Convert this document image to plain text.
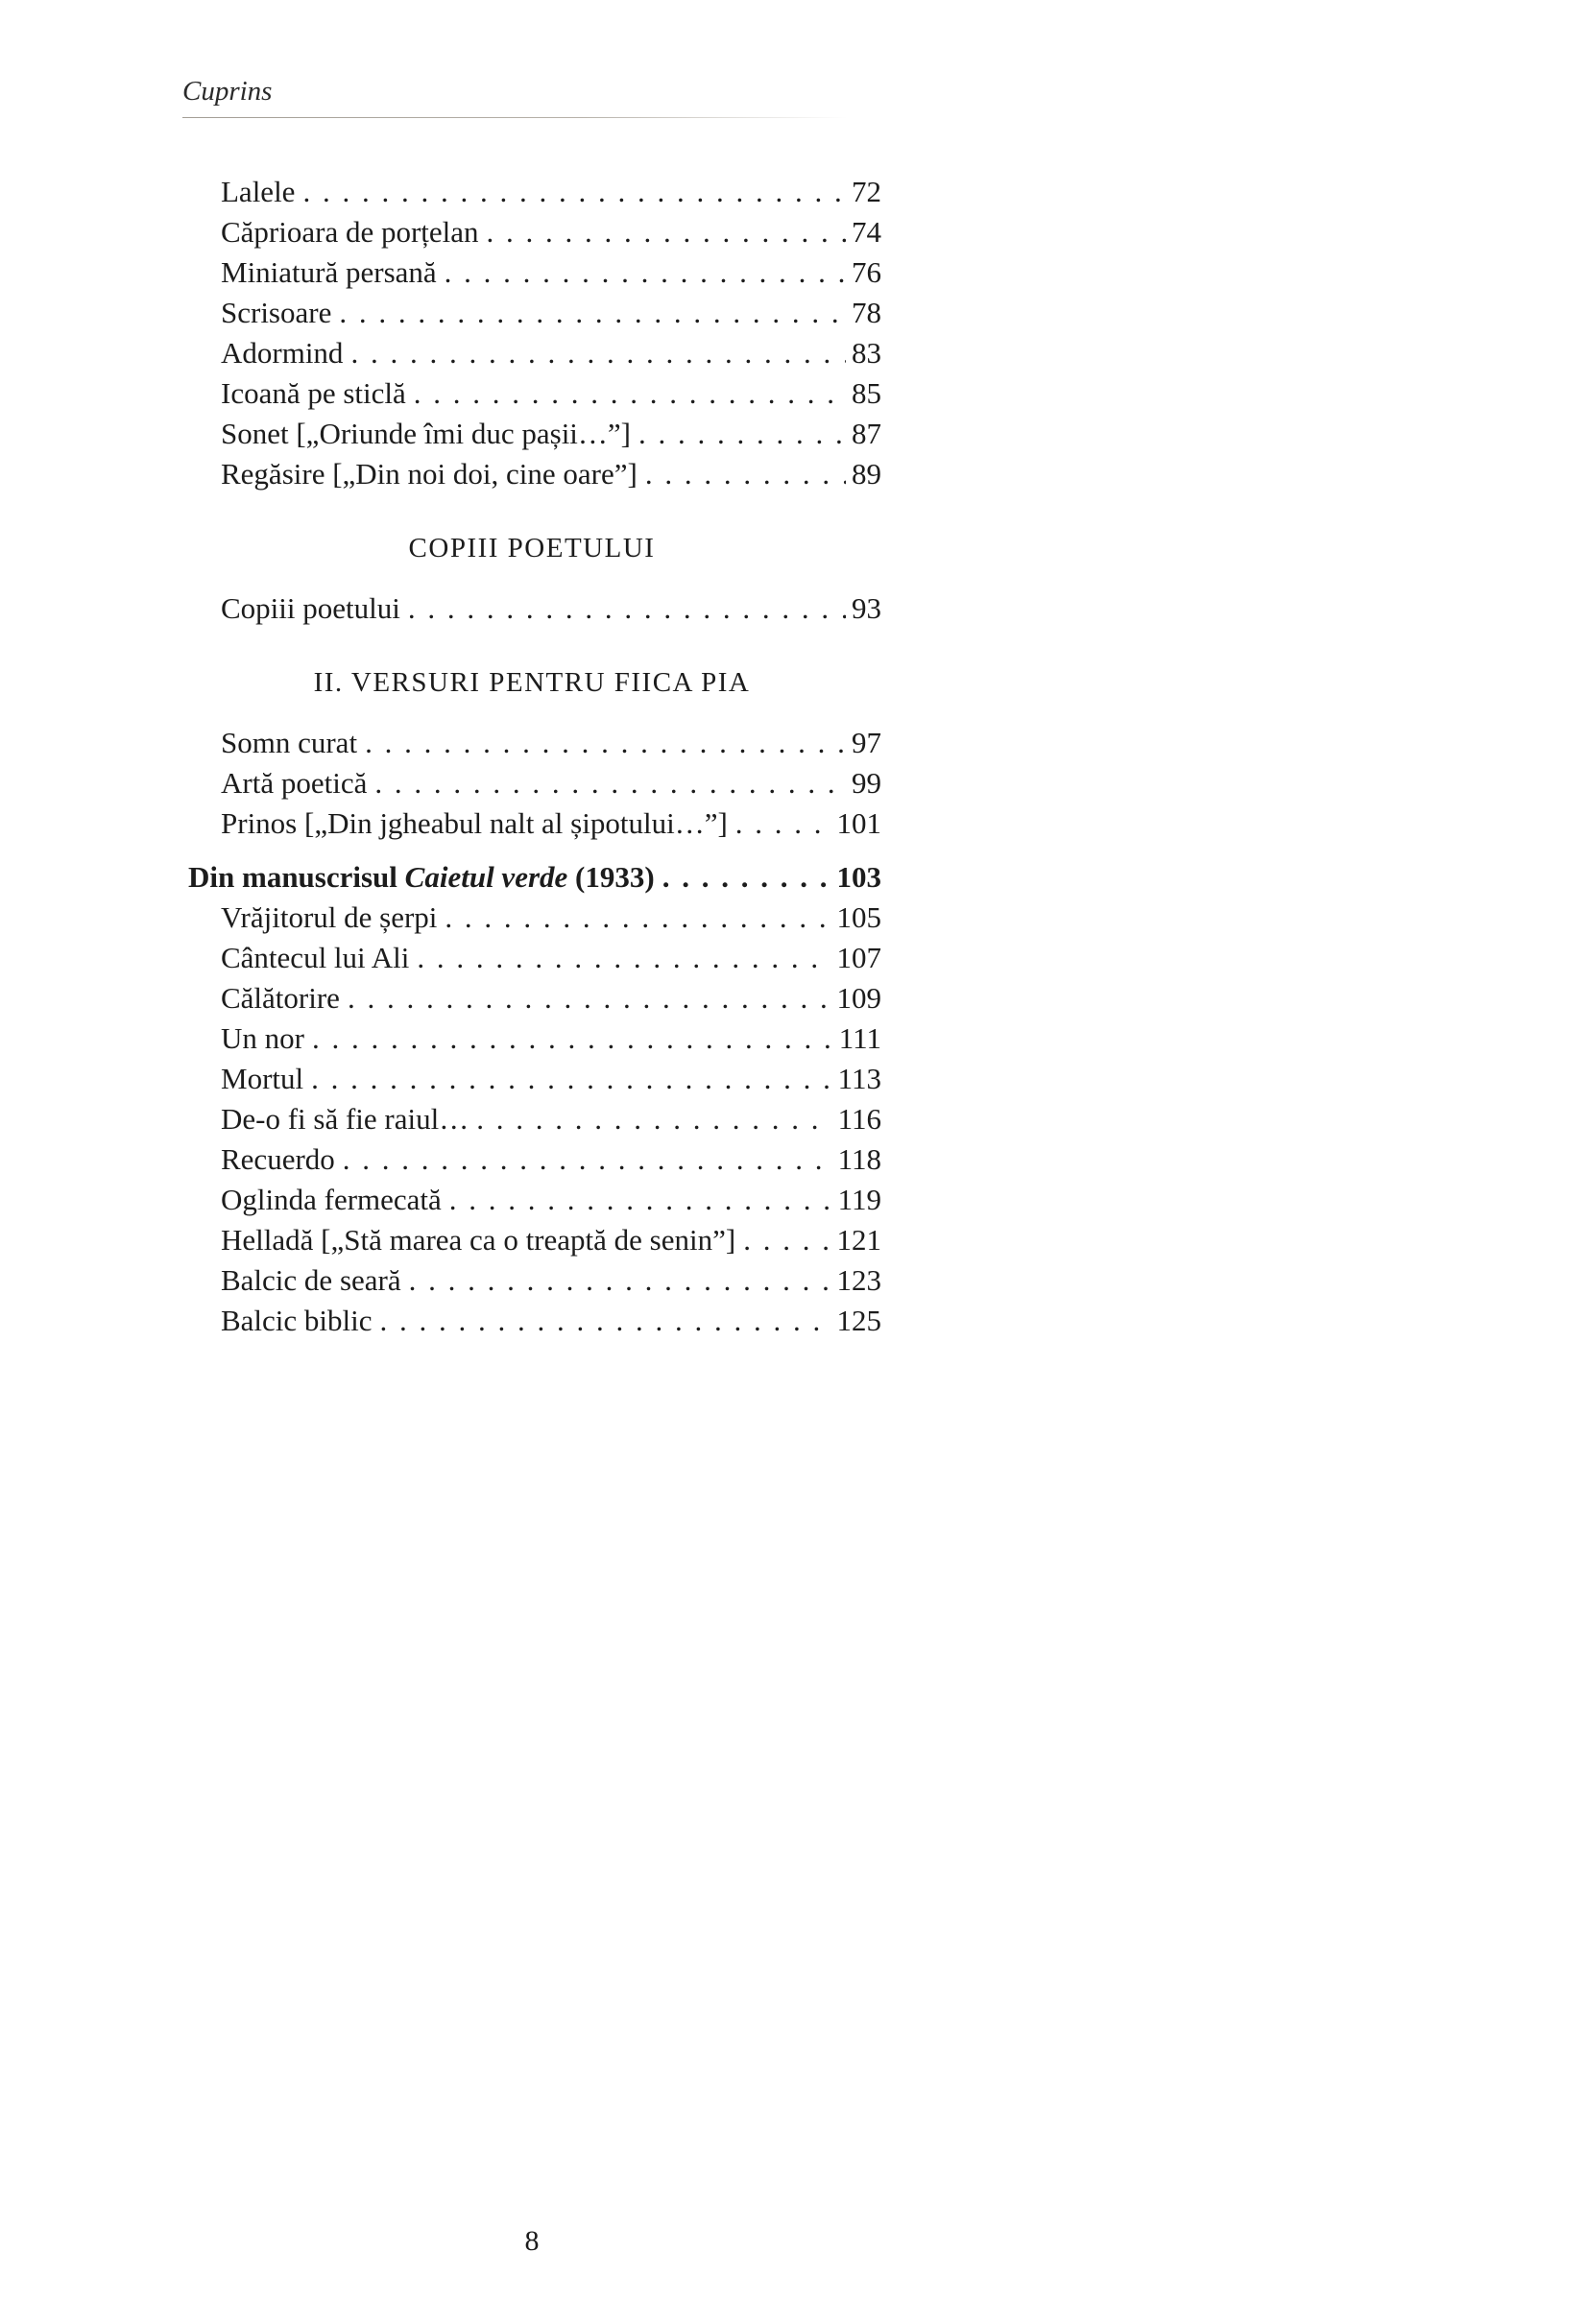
Cuprins
Lalele . . .	72
Căprioara de porțelan . . .	74
Miniatură persană . . .	76
Scrisoare . . .	78
Adormind . . .	83
Icoană pe sticlă . . .	85
Sonet [„Oriunde îmi duc pașii…”] . . .	87
Regăsire [„Din noi doi, cine oare”] . . .	89
COPIII POETULUI
Copiii poetului . . .	93
II. VERSURI PENTRU FIICA PIA
Somn curat . . .	97
Artă poetică . . .	99
Prinos [„Din jgheabul nalt al șipotului…”] . . .	101
Din manuscrisul Caietul verde (1933) . . .	103
Vrăjitorul de șerpi . . .	105
Cântecul lui Ali . . .	107
Călătorire . . .	109
Un nor . . .	111
Mortul . . .	113
De-o fi să fie raiul… . . .	116
Recuerdo . . .	118
Oglinda fermecată . . .	119
Helladă [„Stă marea ca o treaptă de senin”] . . .	121
Balcic de seară . . .	123
Balcic biblic . . .	125
8
